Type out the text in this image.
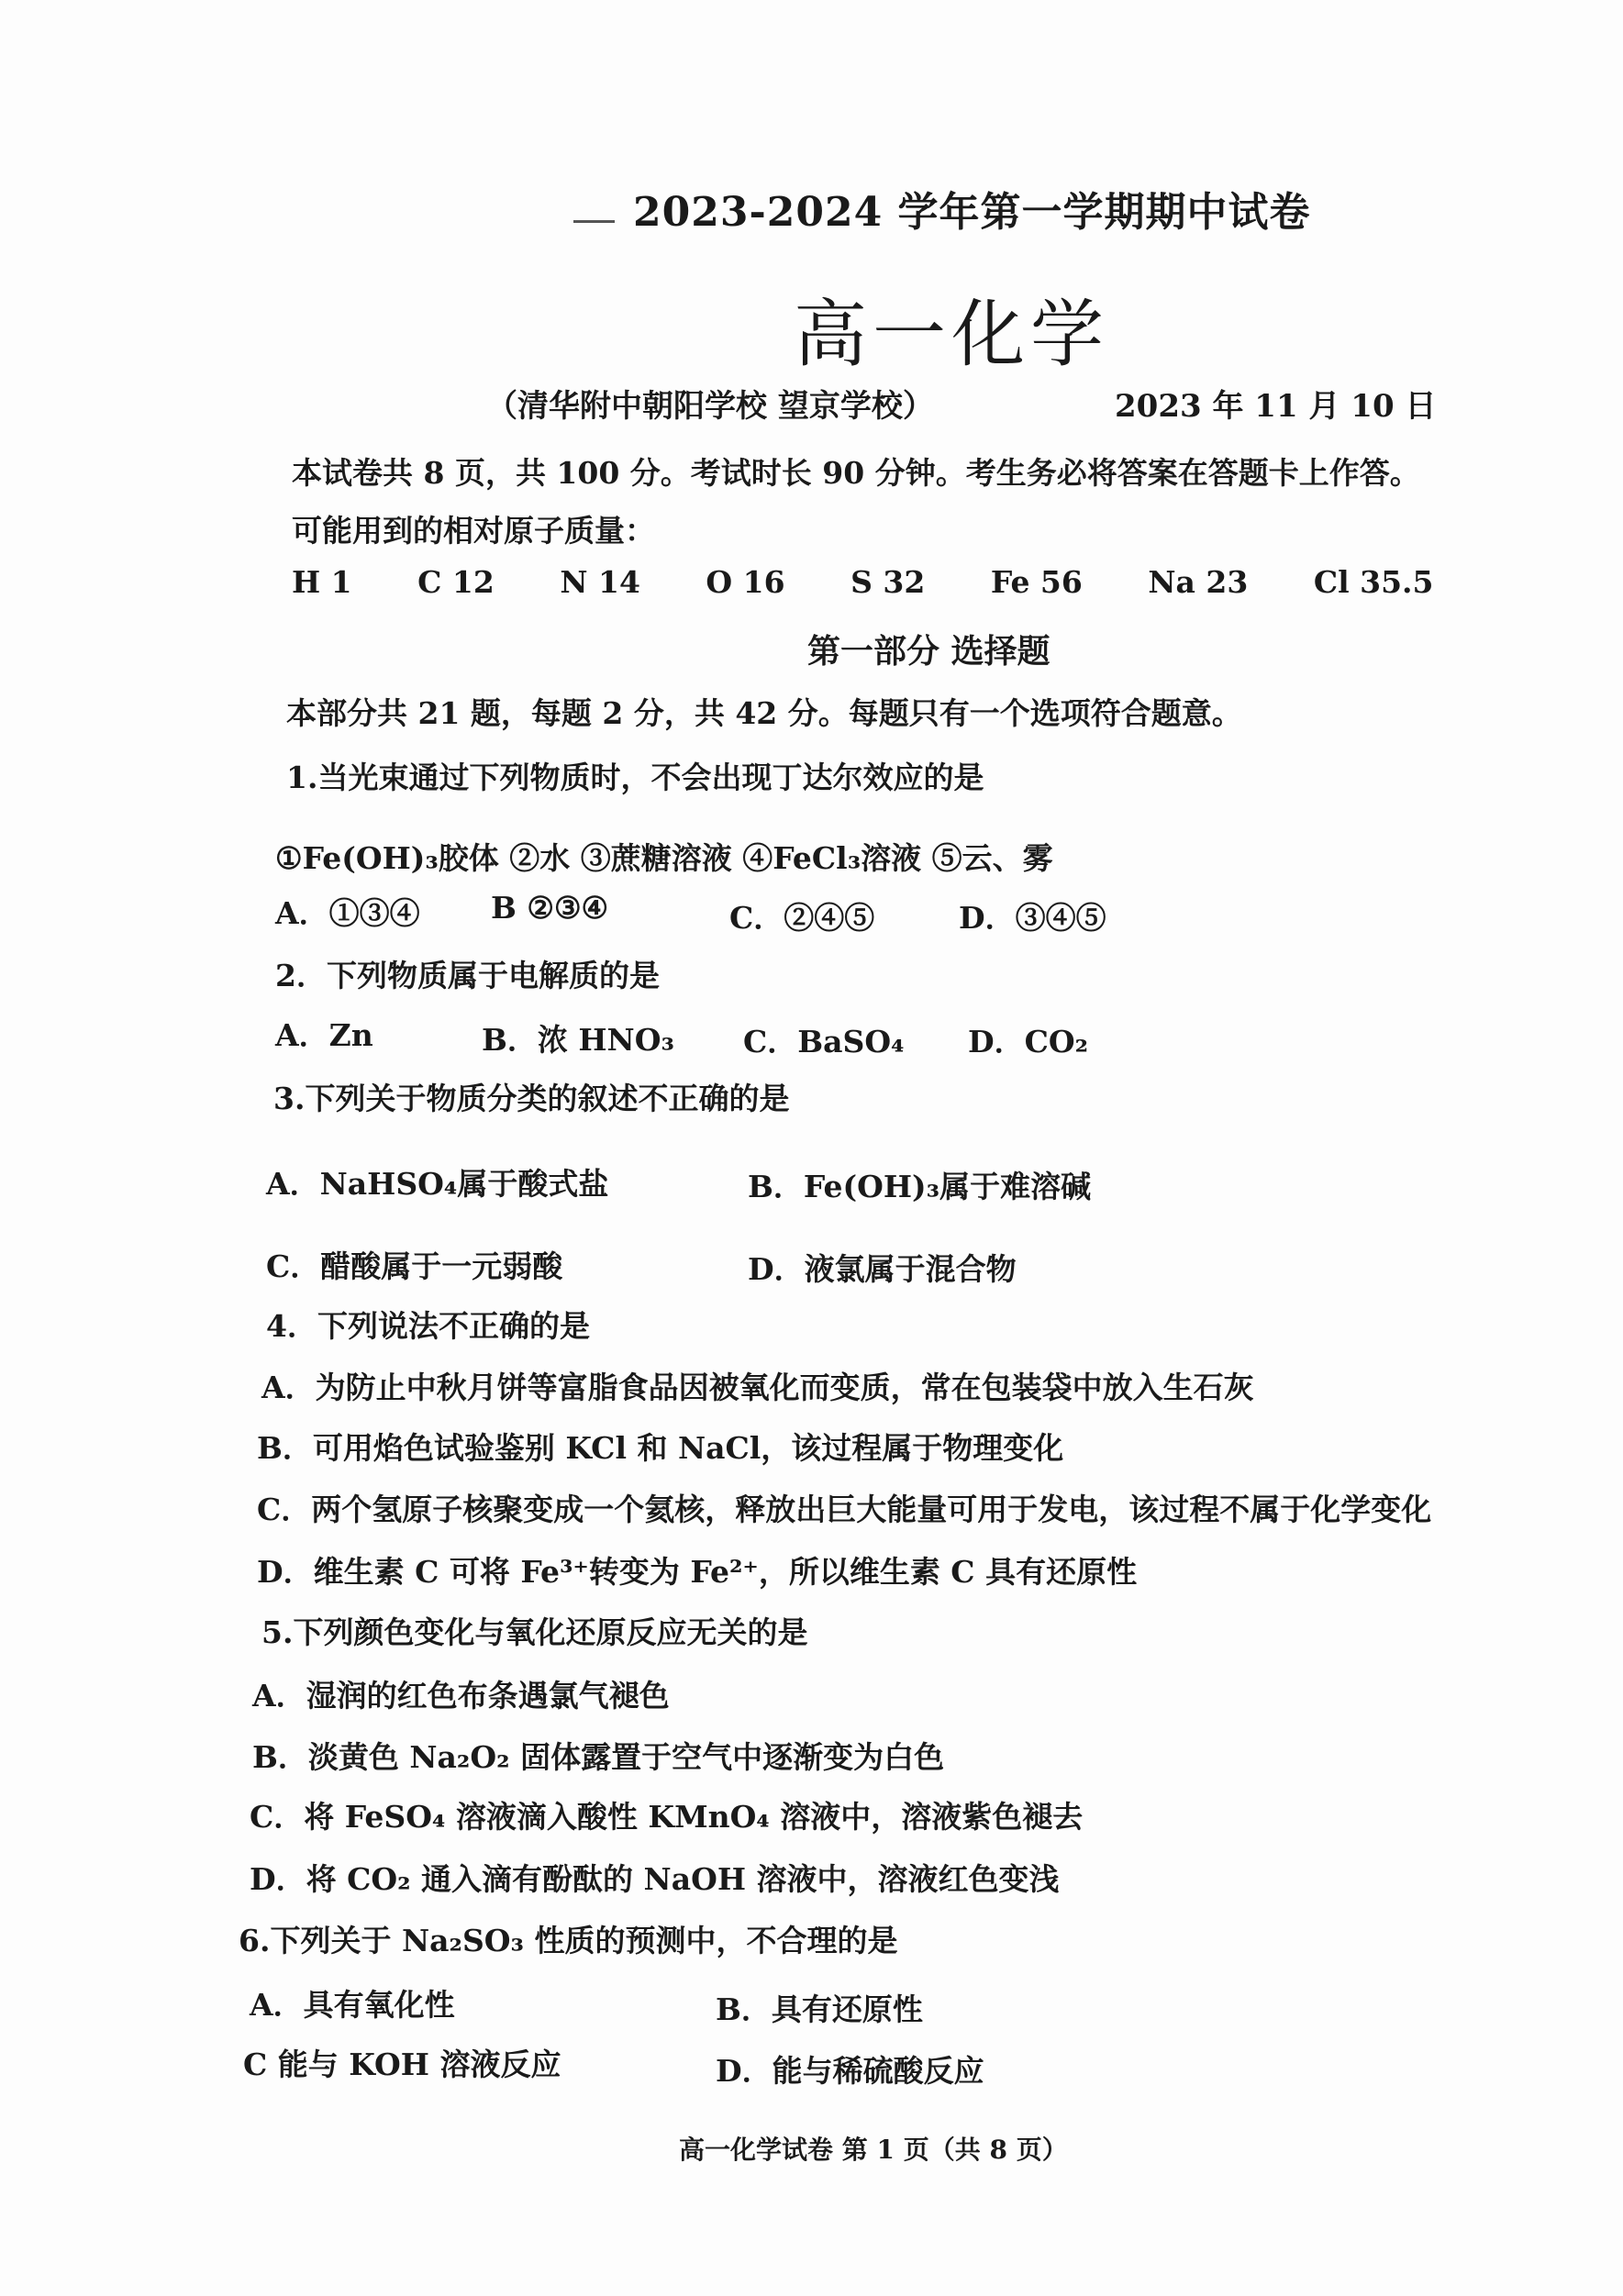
2023-2024 学年第一学期期中试卷
高一化学
（清华附中朝阳学校 望京学校）	2023 年 11 月 10 日
本试卷共 8 页，共 100 分。考试时长 90 分钟。考生务必将答案在答题卡上作答。
可能用到的相对原子质量：
H 1 C 12 N 14 O 16 S 32 Fe 56 Na 23 Cl 35.5
第一部分 选择题
本部分共 21 题，每题 2 分，共 42 分。每题只有一个选项符合题意。
1.当光束通过下列物质时，不会出现丁达尔效应的是
①Fe(OH)₃胶体 ②水 ③蔗糖溶液 ④FeCl₃溶液 ⑤云、雾
A．①③④ B ②③④	C．②④⑤	D．③④⑤
2．下列物质属于电解质的是
A．Zn	B．浓 HNO₃ C．BaSO₄ D．CO₂
3.下列关于物质分类的叙述不正确的是
A．NaHSO₄属于酸式盐	B．Fe(OH)₃属于难溶碱
C．醋酸属于一元弱酸	D．液氯属于混合物
4．下列说法不正确的是
A．为防止中秋月饼等富脂食品因被氧化而变质，常在包装袋中放入生石灰
B．可用焰色试验鉴别 KCl 和 NaCl，该过程属于物理变化
C．两个氢原子核聚变成一个氦核，释放出巨大能量可用于发电，该过程不属于化学变化
D．维生素 C 可将 Fe³⁺转变为 Fe²⁺，所以维生素 C 具有还原性
5.下列颜色变化与氧化还原反应无关的是
A．湿润的红色布条遇氯气褪色
B．淡黄色 Na₂O₂ 固体露置于空气中逐渐变为白色
C．将 FeSO₄ 溶液滴入酸性 KMnO₄ 溶液中，溶液紫色褪去
D．将 CO₂ 通入滴有酚酞的 NaOH 溶液中，溶液红色变浅
6.下列关于 Na₂SO₃ 性质的预测中，不合理的是
A．具有氧化性	B．具有还原性
C 能与 KOH 溶液反应	D．能与稀硫酸反应
高一化学试卷 第 1 页（共 8 页）
